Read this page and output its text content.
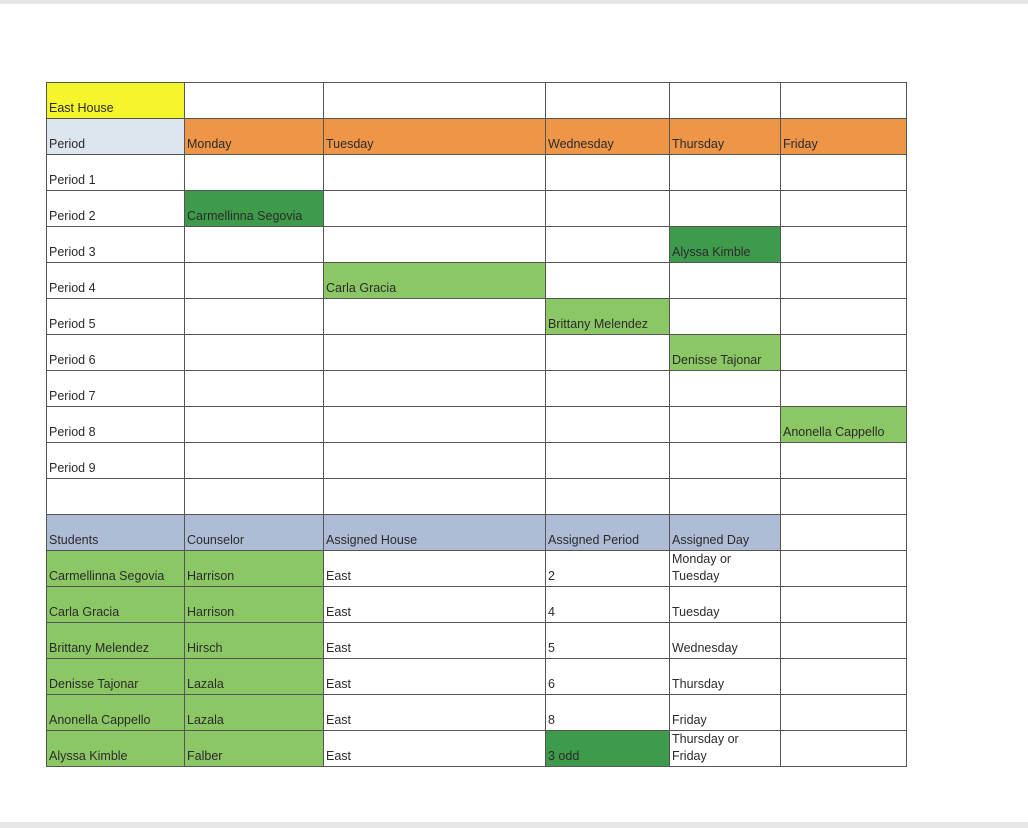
East House					
Period	Monday	Tuesday	Wednesday	Thursday	Friday
Period 1					
Period 2	Carmellinna Segovia				
Period 3				Alyssa Kimble	
Period 4		Carla Gracia			
Period 5			Brittany Melendez		
Period 6				Denisse Tajonar	
Period 7					
Period 8					Anonella Cappello
Period 9					

Students	Counselor	Assigned House	Assigned Period	Assigned Day	
Carmellinna Segovia	Harrison	East	2	Monday or
Tuesday	
Carla Gracia	Harrison	East	4	Tuesday	
Brittany Melendez	Hirsch	East	5	Wednesday	
Denisse Tajonar	Lazala	East	6	Thursday	
Anonella Cappello	Lazala	East	8	Friday	
Alyssa Kimble	Falber	East	3 odd	Thursday or
Friday	
